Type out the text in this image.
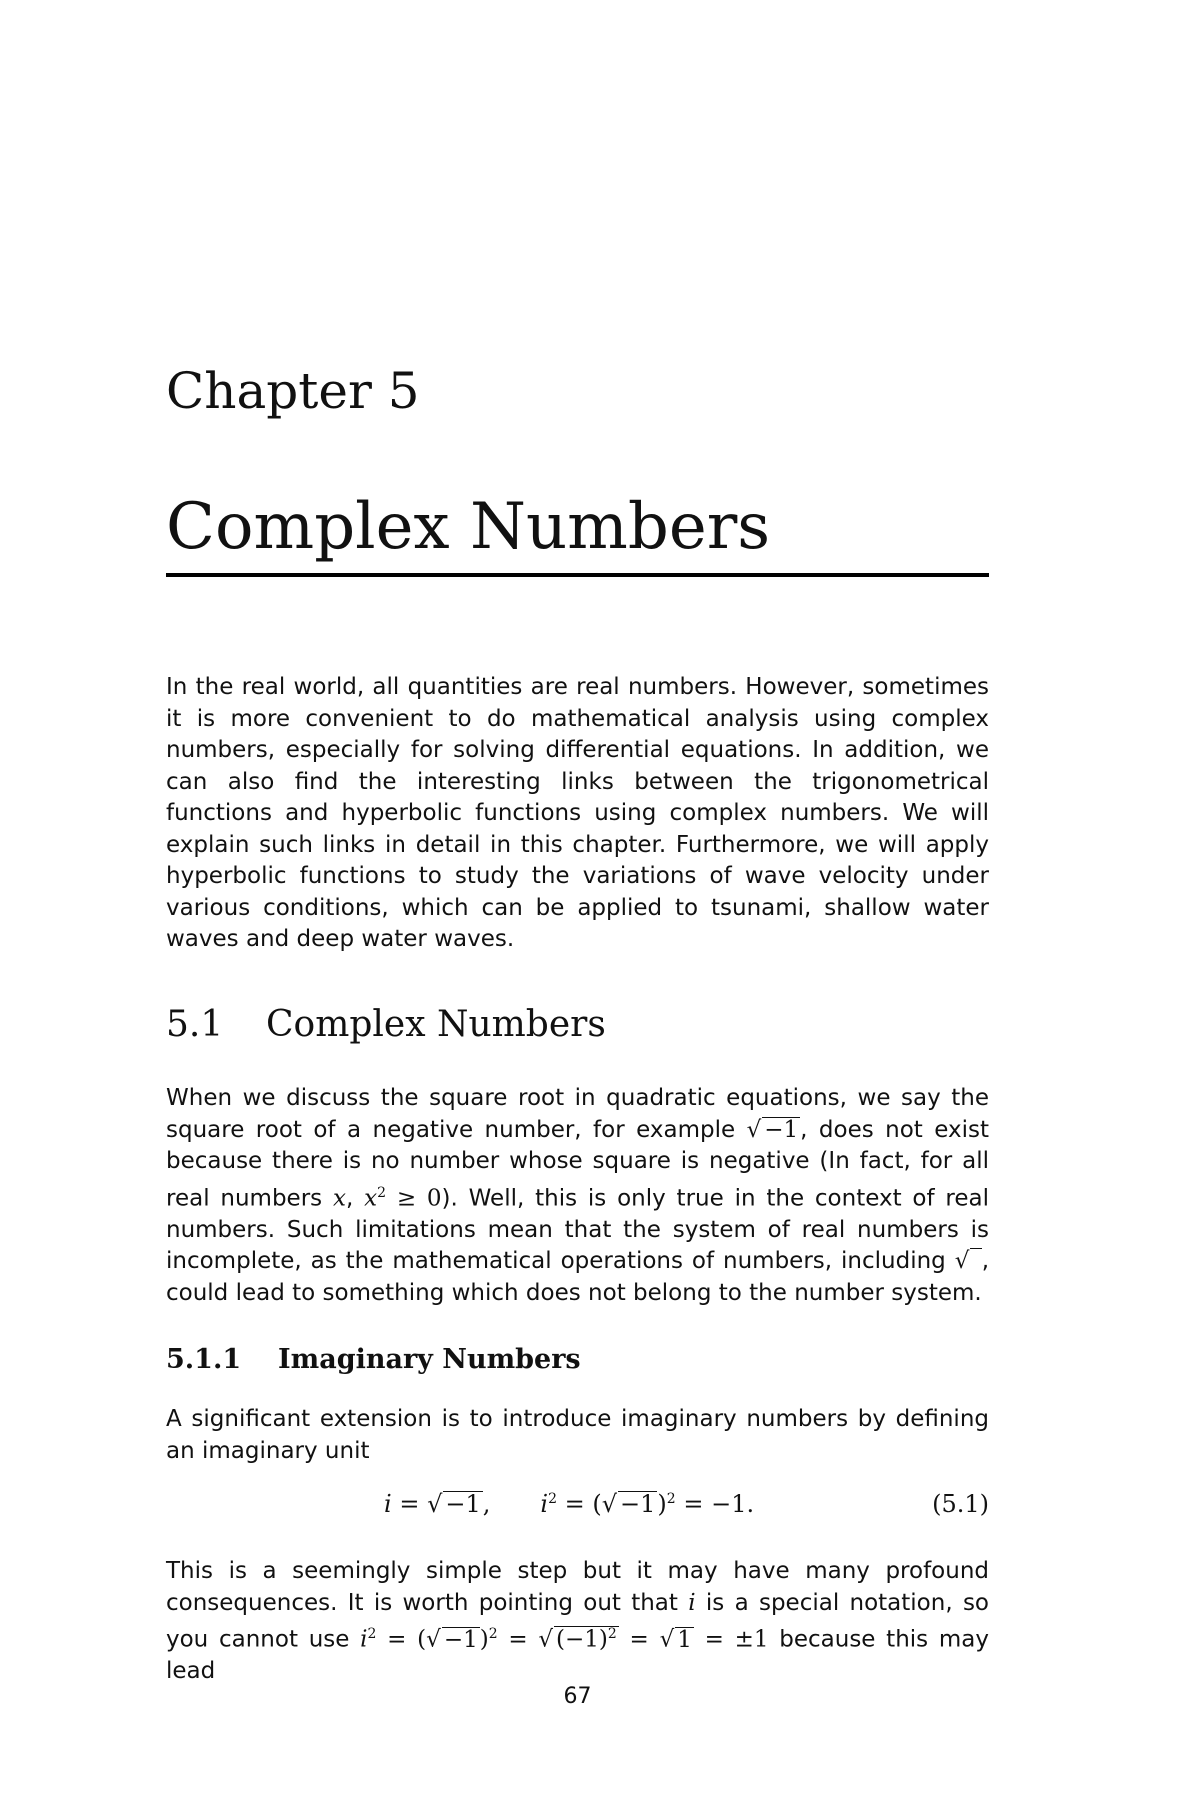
Chapter 5
Complex Numbers
In the real world, all quantities are real numbers. However, sometimes it is more convenient to do mathematical analysis using complex numbers, especially for solving differential equations. In addition, we can also find the interesting links between the trigonometrical functions and hyperbolic functions using complex numbers. We will explain such links in detail in this chapter. Furthermore, we will apply hyperbolic functions to study the variations of wave velocity under various conditions, which can be applied to tsunami, shallow water waves and deep water waves.
5.1 Complex Numbers
When we discuss the square root in quadratic equations, we say the square root of a negative number, for example √ −1, does not exist because there is no number whose square is negative (In fact, for all real numbers x, $x^2 \ge 0$). Well, this is only true in the context of real numbers. Such limitations mean that the system of real numbers is incomplete, as the mathematical operations of numbers, including √ , could lead to something which does not belong to the number system.
5.1.1 Imaginary Numbers
A significant extension is to introduce imaginary numbers by defining an imaginary unit
i = √ −1, $i^2$ = (√ −1)$^2$ = −1.	(5.1)
This is a seemingly simple step but it may have many profound consequences. It is worth pointing out that i is a special notation, so you cannot use $i^2$ = (√ −1)$^2$ = √ $(-1)^2$ = √ 1 = ±1 because this may lead
67
